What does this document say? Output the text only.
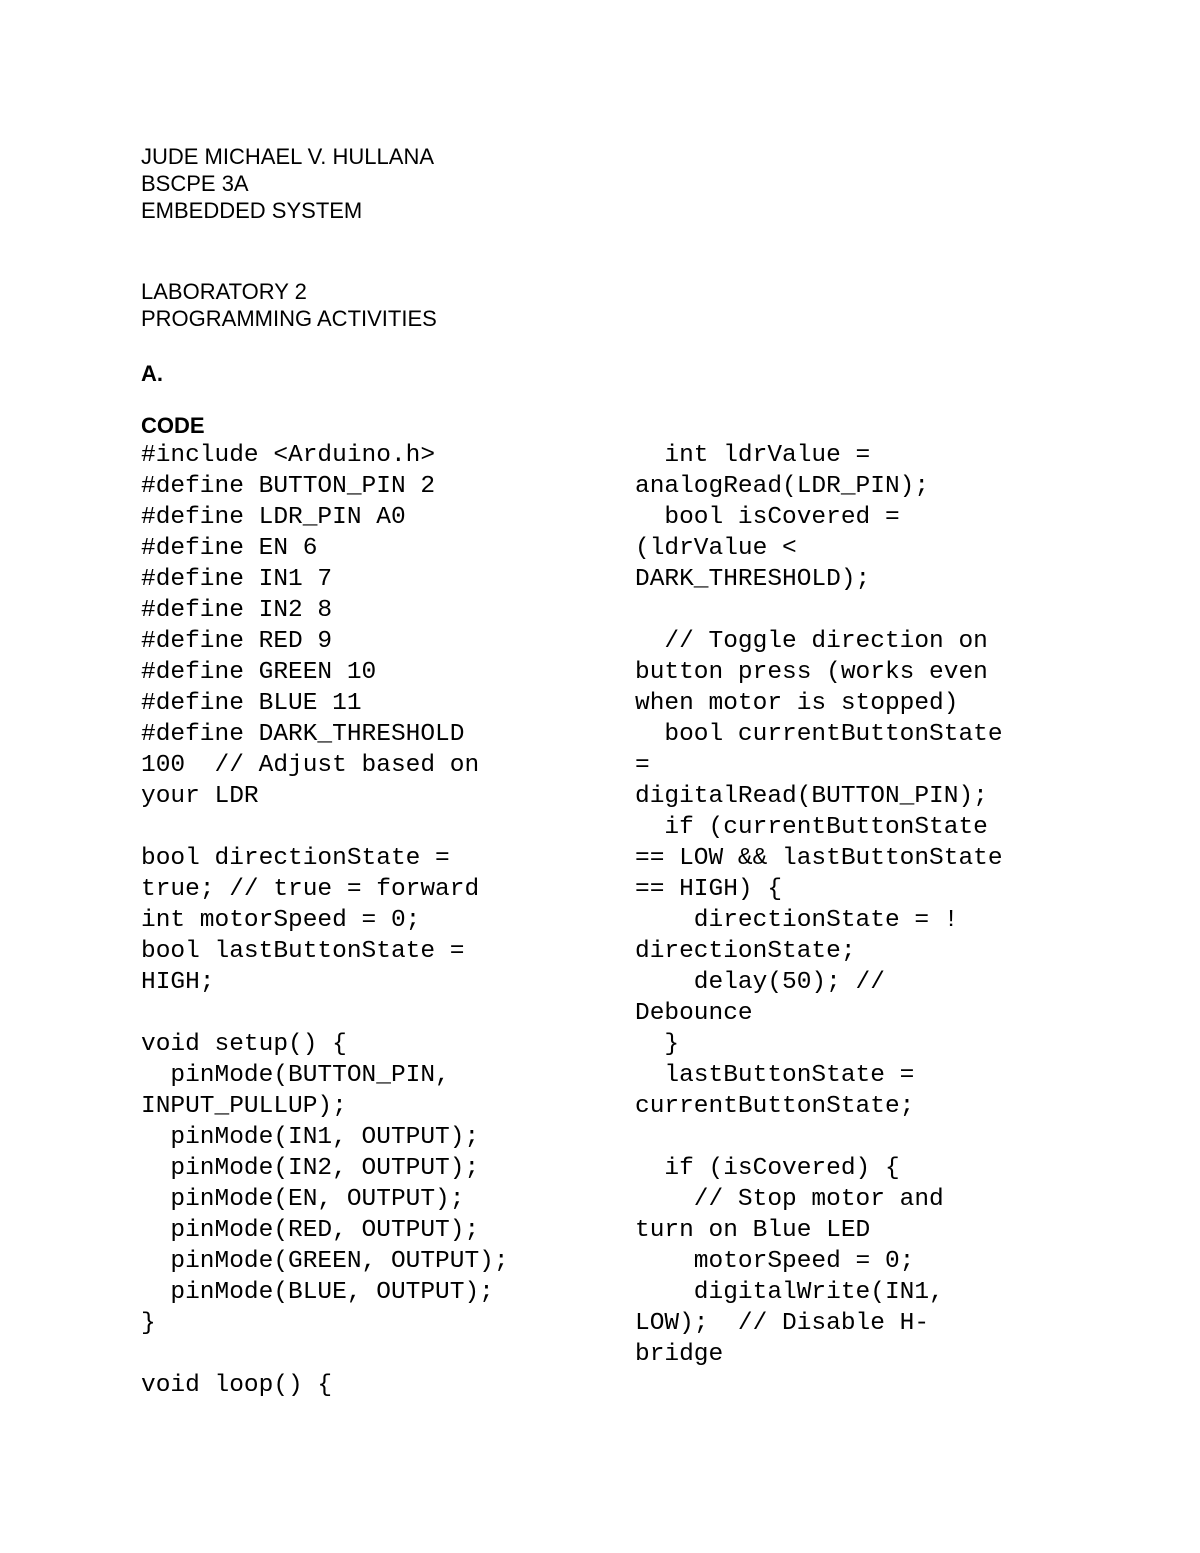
JUDE MICHAEL V. HULLANA
BSCPE 3A
EMBEDDED SYSTEM
LABORATORY 2
PROGRAMMING ACTIVITIES
A.
CODE
#include <Arduino.h>
#define BUTTON_PIN 2
#define LDR_PIN A0
#define EN 6
#define IN1 7
#define IN2 8
#define RED 9
#define GREEN 10
#define BLUE 11
#define DARK_THRESHOLD
100  // Adjust based on
your LDR
bool directionState =
true; // true = forward
int motorSpeed = 0;
bool lastButtonState =
HIGH;
void setup() {
pinMode(BUTTON_PIN,
INPUT_PULLUP);
pinMode(IN1, OUTPUT);
pinMode(IN2, OUTPUT);
pinMode(EN, OUTPUT);
pinMode(RED, OUTPUT);
pinMode(GREEN, OUTPUT);
pinMode(BLUE, OUTPUT);
}
void loop() {
int ldrValue =
analogRead(LDR_PIN);
bool isCovered =
(ldrValue <
DARK_THRESHOLD);
// Toggle direction on
button press (works even
when motor is stopped)
bool currentButtonState
=
digitalRead(BUTTON_PIN);
if (currentButtonState
== LOW && lastButtonState
== HIGH) {
directionState = !
directionState;
delay(50); //
Debounce
}
lastButtonState =
currentButtonState;
if (isCovered) {
// Stop motor and
turn on Blue LED
motorSpeed = 0;
digitalWrite(IN1,
LOW);  // Disable H-
bridge
